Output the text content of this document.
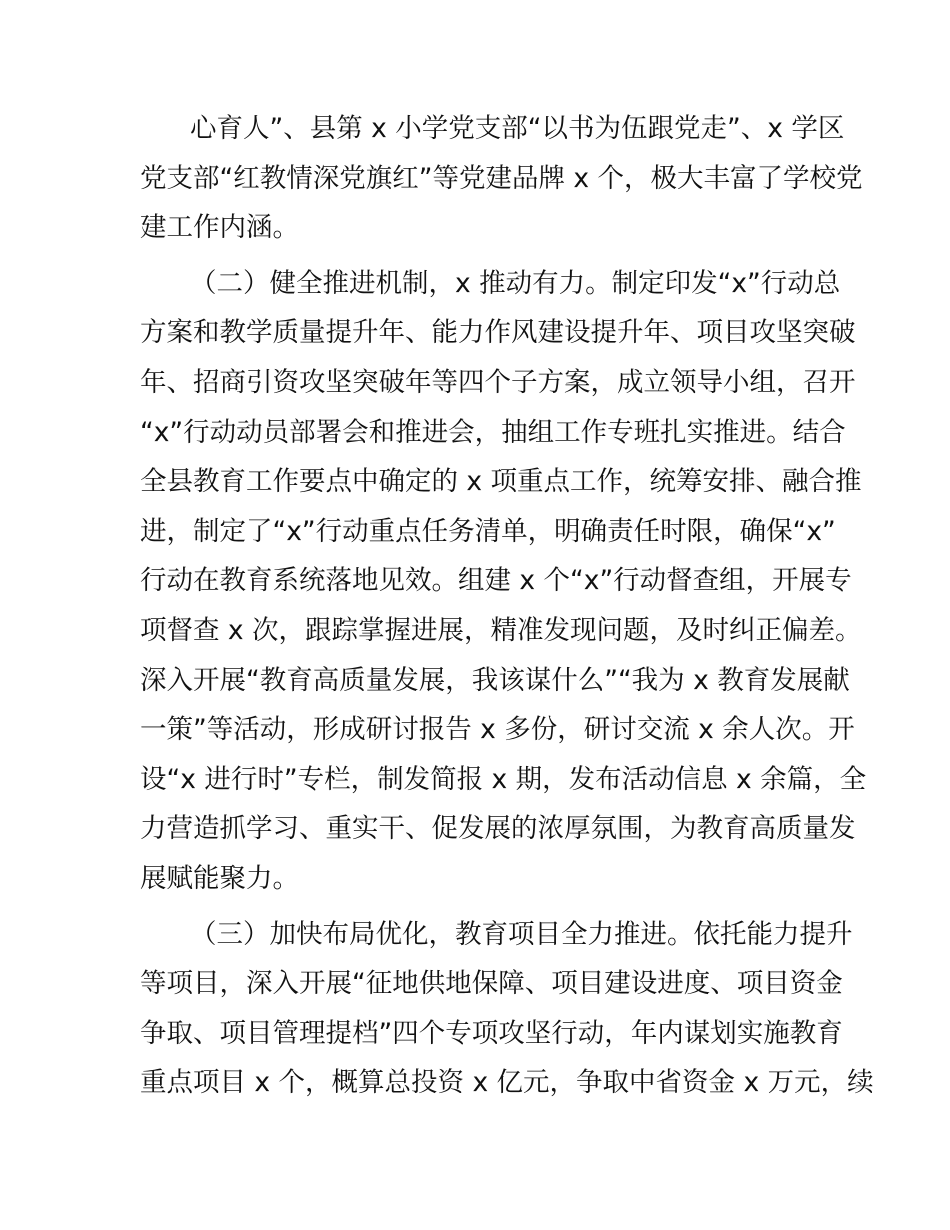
心育人”、县第 x 小学党支部“以书为伍跟党走”、x 学区
党支部“红教情深党旗红”等党建品牌 x 个，极大丰富了学校党
建工作内涵。
（二）健全推进机制，x 推动有力。制定印发“x”行动总
方案和教学质量提升年、能力作风建设提升年、项目攻坚突破
年、招商引资攻坚突破年等四个子方案，成立领导小组，召开
“x”行动动员部署会和推进会，抽组工作专班扎实推进。结合
全县教育工作要点中确定的 x 项重点工作，统筹安排、融合推
进，制定了“x”行动重点任务清单，明确责任时限，确保“x”
行动在教育系统落地见效。组建 x 个“x”行动督查组，开展专
项督查 x 次，跟踪掌握进展，精准发现问题，及时纠正偏差。
深入开展“教育高质量发展，我该谋什么”“我为 x 教育发展献
一策”等活动，形成研讨报告 x 多份，研讨交流 x 余人次。开
设“x 进行时”专栏，制发简报 x 期，发布活动信息 x 余篇，全
力营造抓学习、重实干、促发展的浓厚氛围，为教育高质量发
展赋能聚力。
（三）加快布局优化，教育项目全力推进。依托能力提升
等项目，深入开展“征地供地保障、项目建设进度、项目资金
争取、项目管理提档”四个专项攻坚行动，年内谋划实施教育
重点项目 x 个，概算总投资 x 亿元，争取中省资金 x 万元，续
